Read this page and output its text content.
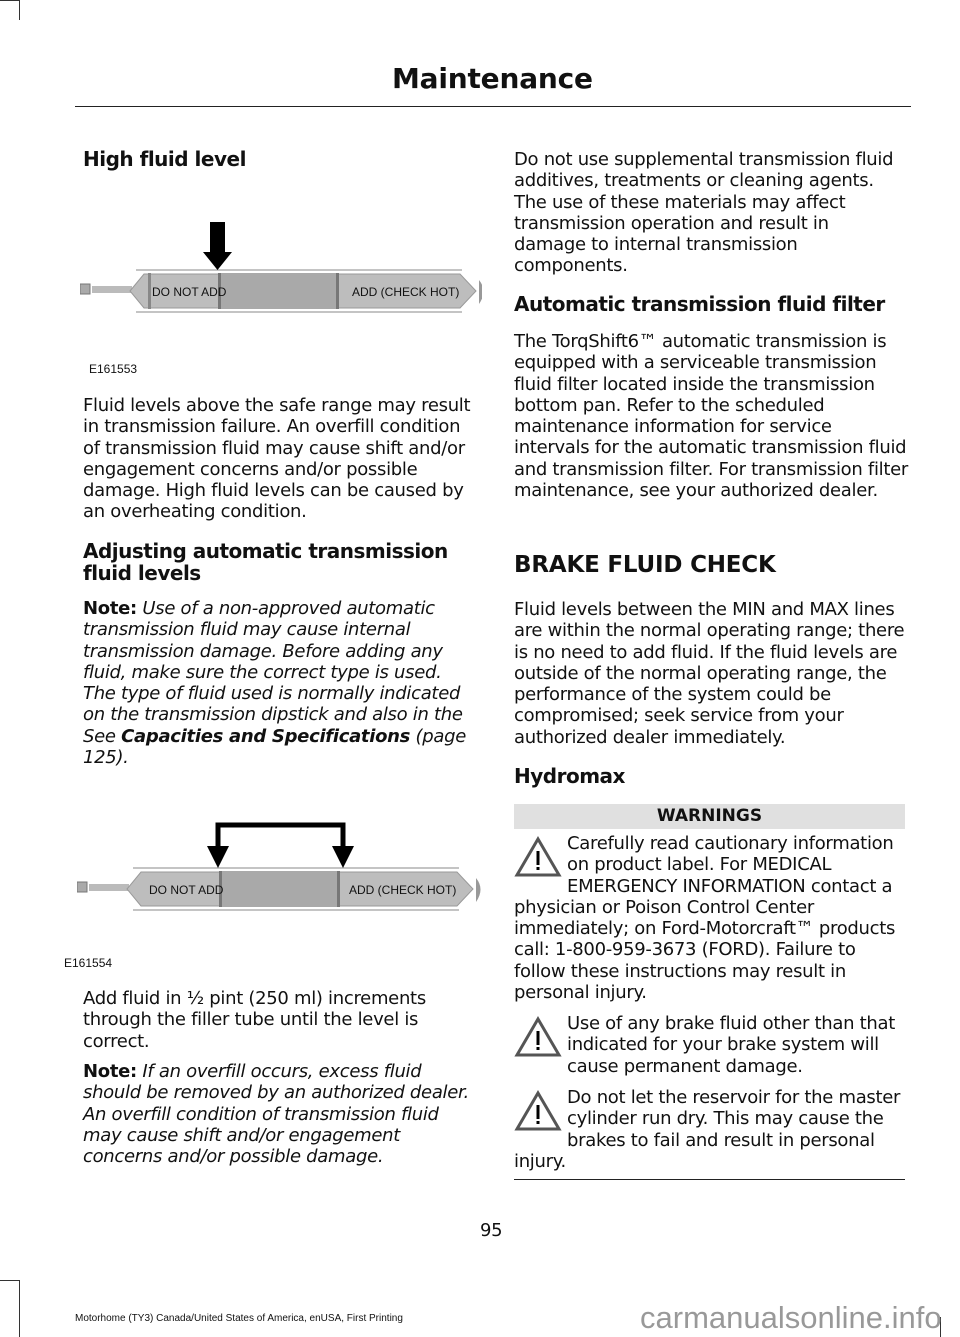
Maintenance
High fluid level
DO NOT ADD	ADD (CHECK HOT)
E161553

Fluid levels above the safe range may result in transmission failure. An overfill condition of transmission fluid may cause shift and/or engagement concerns and/or possible damage. High fluid levels can be caused by an overheating condition.

Adjusting automatic transmission fluid levels

Note: Use of a non-approved automatic transmission fluid may cause internal transmission damage. Before adding any fluid, make sure the correct type is used. The type of fluid used is normally indicated on the transmission dipstick and also in the See Capacities and Specifications (page 125).

DO NOT ADD	ADD (CHECK HOT)
E161554

Add fluid in ½ pint (250 ml) increments through the filler tube until the level is correct.

Note: If an overfill occurs, excess fluid should be removed by an authorized dealer. An overfill condition of transmission fluid may cause shift and/or engagement concerns and/or possible damage.

Do not use supplemental transmission fluid additives, treatments or cleaning agents. The use of these materials may affect transmission operation and result in damage to internal transmission components.

Automatic transmission fluid filter

The TorqShift6™ automatic transmission is equipped with a serviceable transmission fluid filter located inside the transmission bottom pan. Refer to the scheduled maintenance information for service intervals for the automatic transmission fluid and transmission filter. For transmission filter maintenance, see your authorized dealer.

BRAKE FLUID CHECK

Fluid levels between the MIN and MAX lines are within the normal operating range; there is no need to add fluid. If the fluid levels are outside of the normal operating range, the performance of the system could be compromised; seek service from your authorized dealer immediately.

Hydromax
WARNINGS

Carefully read cautionary information on product label. For MEDICAL EMERGENCY INFORMATION contact a physician or Poison Control Center immediately; on Ford-Motorcraft™ products call: 1-800-959-3673 (FORD). Failure to follow these instructions may result in personal injury.

Use of any brake fluid other than that indicated for your brake system will cause permanent damage.

Do not let the reservoir for the master cylinder run dry. This may cause the brakes to fail and result in personal injury.

95
Motorhome (TY3) Canada/United States of America, enUSA, First Printing	carmanualsonline.info
